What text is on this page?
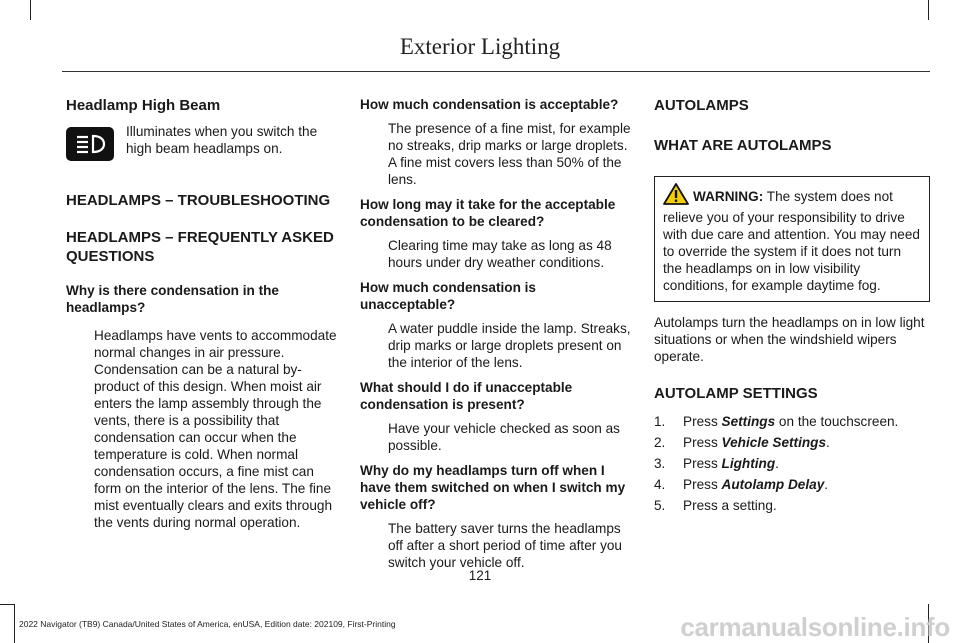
Exterior Lighting

Headlamp High Beam

Illuminates when you switch the high beam headlamps on.

HEADLAMPS – TROUBLESHOOTING

HEADLAMPS – FREQUENTLY ASKED QUESTIONS

Why is there condensation in the headlamps?

Headlamps have vents to accommodate normal changes in air pressure. Condensation can be a natural by-product of this design. When moist air enters the lamp assembly through the vents, there is a possibility that condensation can occur when the temperature is cold. When normal condensation occurs, a fine mist can form on the interior of the lens. The fine mist eventually clears and exits through the vents during normal operation.

How much condensation is acceptable?

The presence of a fine mist, for example no streaks, drip marks or large droplets. A fine mist covers less than 50% of the lens.

How long may it take for the acceptable condensation to be cleared?

Clearing time may take as long as 48 hours under dry weather conditions.

How much condensation is unacceptable?

A water puddle inside the lamp. Streaks, drip marks or large droplets present on the interior of the lens.

What should I do if unacceptable condensation is present?

Have your vehicle checked as soon as possible.

Why do my headlamps turn off when I have them switched on when I switch my vehicle off?

The battery saver turns the headlamps off after a short period of time after you switch your vehicle off.

AUTOLAMPS

WHAT ARE AUTOLAMPS

WARNING: The system does not relieve you of your responsibility to drive with due care and attention. You may need to override the system if it does not turn the headlamps on in low visibility conditions, for example daytime fog.

Autolamps turn the headlamps on in low light situations or when the windshield wipers operate.

AUTOLAMP SETTINGS

1.	Press Settings on the touchscreen.
2.	Press Vehicle Settings.
3.	Press Lighting.
4.	Press Autolamp Delay.
5.	Press a setting.
121
2022 Navigator (TB9) Canada/United States of America, enUSA, Edition date: 202109, First-Printing	carmanualsonline.info
